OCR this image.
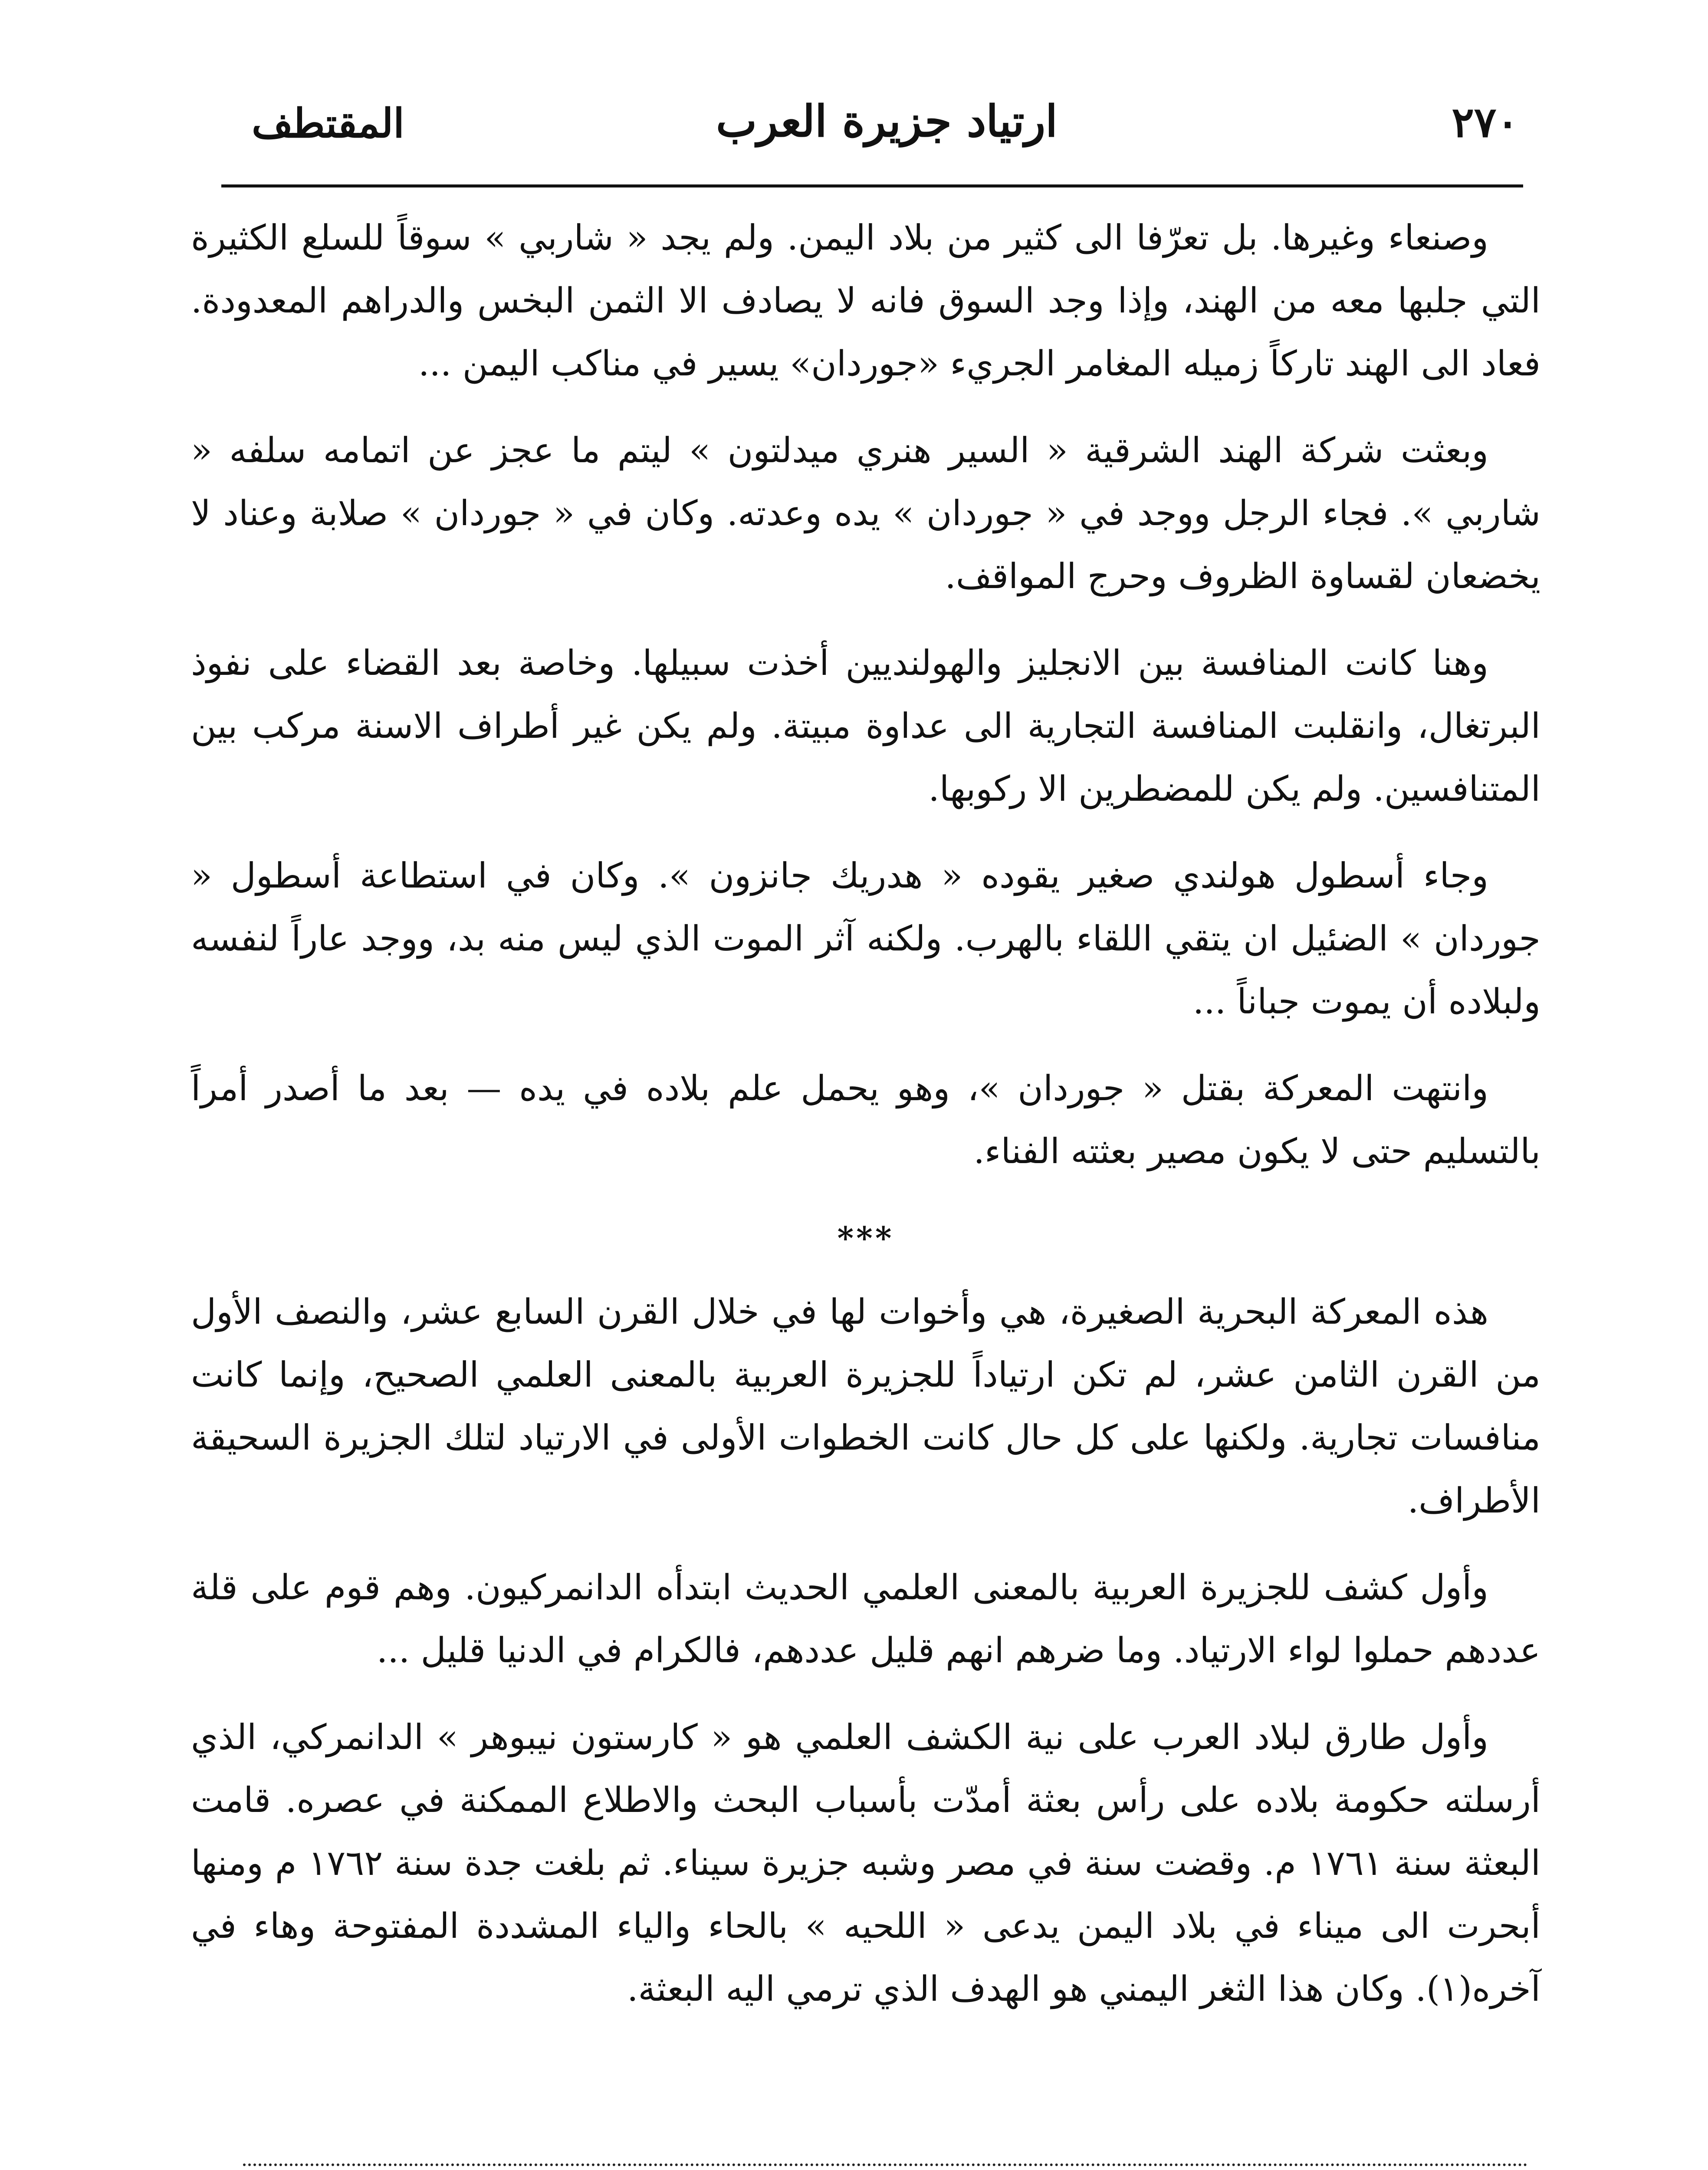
المقتطف	ارتياد جزيرة العرب	٢٧٠

وصنعاء وغيرها. بل تعرّفا الى كثير من بلاد اليمن. ولم يجد « شاربي » سوقاً للسلع الكثيرة التي جلبها معه من الهند، وإذا وجد السوق فانه لا يصادف الا الثمن البخس والدراهم المعدودة. فعاد الى الهند تاركاً زميله المغامر الجريء «جوردان» يسير في مناكب اليمن ...

وبعثت شركة الهند الشرقية « السير هنري ميدلتون » ليتم ما عجز عن اتمامه سلفه « شاربي ». فجاء الرجل ووجد في « جوردان » يده وعدته. وكان في « جوردان » صلابة وعناد لا يخضعان لقساوة الظروف وحرج المواقف.

وهنا كانت المنافسة بين الانجليز والهولنديين أخذت سبيلها. وخاصة بعد القضاء على نفوذ البرتغال، وانقلبت المنافسة التجارية الى عداوة مبيتة. ولم يكن غير أطراف الاسنة مركب بين المتنافسين. ولم يكن للمضطرين الا ركوبها.

وجاء أسطول هولندي صغير يقوده « هدريك جانزون ». وكان في استطاعة أسطول « جوردان » الضئيل ان يتقي اللقاء بالهرب. ولكنه آثر الموت الذي ليس منه بد، ووجد عاراً لنفسه ولبلاده أن يموت جباناً ...

وانتهت المعركة بقتل « جوردان »، وهو يحمل علم بلاده في يده — بعد ما أصدر أمراً بالتسليم حتى لا يكون مصير بعثته الفناء.

***

هذه المعركة البحرية الصغيرة، هي وأخوات لها في خلال القرن السابع عشر، والنصف الأول من القرن الثامن عشر، لم تكن ارتياداً للجزيرة العربية بالمعنى العلمي الصحيح، وإنما كانت منافسات تجارية. ولكنها على كل حال كانت الخطوات الأولى في الارتياد لتلك الجزيرة السحيقة الأطراف.

وأول كشف للجزيرة العربية بالمعنى العلمي الحديث ابتدأه الدانمركيون. وهم قوم على قلة عددهم حملوا لواء الارتياد. وما ضرهم انهم قليل عددهم، فالكرام في الدنيا قليل ...

وأول طارق لبلاد العرب على نية الكشف العلمي هو « كارستون نيبوهر » الدانمركي، الذي أرسلته حكومة بلاده على رأس بعثة أمدّت بأسباب البحث والاطلاع الممكنة في عصره. قامت البعثة سنة ١٧٦١ م. وقضت سنة في مصر وشبه جزيرة سيناء. ثم بلغت جدة سنة ١٧٦٢ م ومنها أبحرت الى ميناء في بلاد اليمن يدعى « اللحيه » بالحاء والياء المشددة المفتوحة وهاء في آخره(١). وكان هذا الثغر اليمني هو الهدف الذي ترمي اليه البعثة.
